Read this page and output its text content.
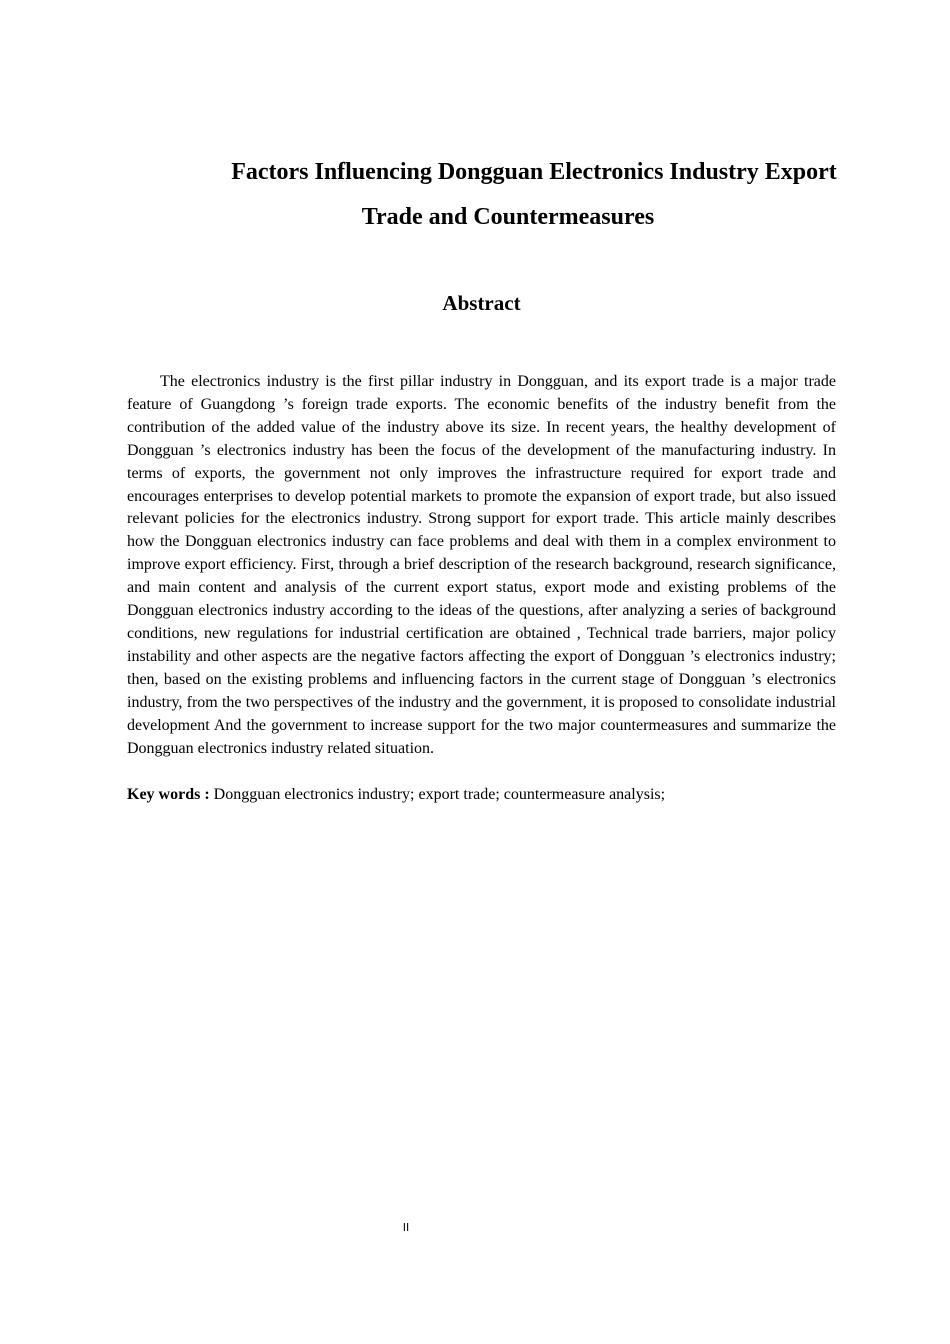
Factors Influencing Dongguan Electronics Industry Export
Trade and Countermeasures
Abstract

The electronics industry is the first pillar industry in Dongguan, and its export trade is a major trade feature of Guangdong ’s foreign trade exports. The economic benefits of the industry benefit from the contribution of the added value of the industry above its size. In recent years, the healthy development of Dongguan ’s electronics industry has been the focus of the development of the manufacturing industry. In terms of exports, the government not only improves the infrastructure required for export trade and encourages enterprises to develop potential markets to promote the expansion of export trade, but also issued relevant policies for the electronics industry. Strong support for export trade. This article mainly describes how the Dongguan electronics industry can face problems and deal with them in a complex environment to improve export efficiency. First, through a brief description of the research background, research significance, and main content and analysis of the current export status, export mode and existing problems of the Dongguan electronics industry according to the ideas of the questions, after analyzing a series of background conditions, new regulations for industrial certification are obtained , Technical trade barriers, major policy instability and other aspects are the negative factors affecting the export of Dongguan ’s electronics industry; then, based on the existing problems and influencing factors in the current stage of Dongguan ’s electronics industry, from the two perspectives of the industry and the government, it is proposed to consolidate industrial development And the government to increase support for the two major countermeasures and summarize the Dongguan electronics industry related situation.

Key words : Dongguan electronics industry; export trade; countermeasure analysis;

II
